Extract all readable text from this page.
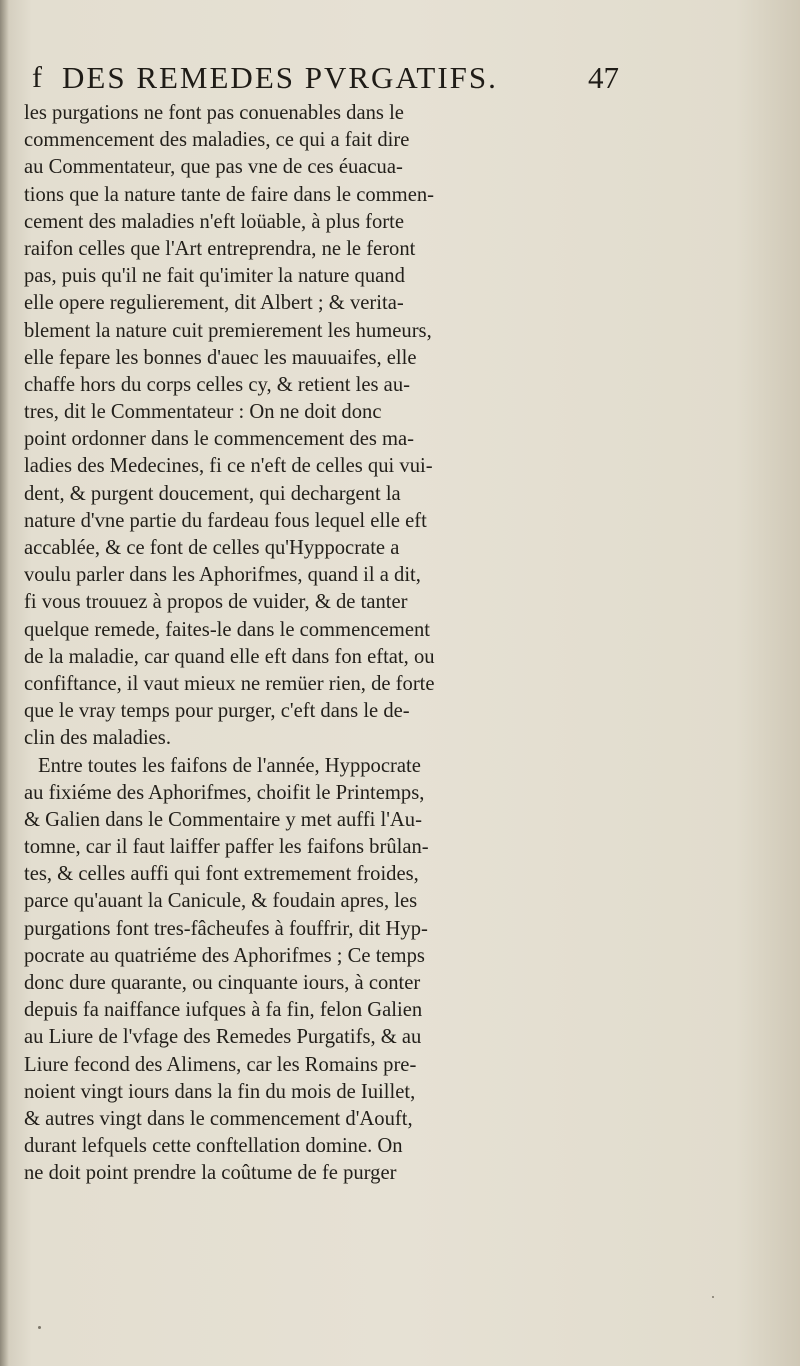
f DES REMEDES PVRGATIFS.	47
les purgations ne font pas conuenables dans le
commencement des maladies, ce qui a fait dire
au Commentateur, que pas vne de ces éuacua-
tions que la nature tante de faire dans le commen-
cement des maladies n'eft loüable, à plus forte
raifon celles que l'Art entreprendra, ne le feront
pas, puis qu'il ne fait qu'imiter la nature quand
elle opere regulierement, dit Albert ; & verita-
blement la nature cuit premierement les humeurs,
elle fepare les bonnes d'auec les mauuaifes, elle
chaffe hors du corps celles cy, & retient les au-
tres, dit le Commentateur : On ne doit donc
point ordonner dans le commencement des ma-
ladies des Medecines, fi ce n'eft de celles qui vui-
dent, & purgent doucement, qui dechargent la
nature d'vne partie du fardeau fous lequel elle eft
accablée, & ce font de celles qu'Hyppocrate a
voulu parler dans les Aphorifmes, quand il a dit,
fi vous trouuez à propos de vuider, & de tanter
quelque remede, faites-le dans le commencement
de la maladie, car quand elle eft dans fon eftat, ou
confiftance, il vaut mieux ne remüer rien, de forte
que le vray temps pour purger, c'eft dans le de-
clin des maladies.
Entre toutes les faifons de l'année, Hyppocrate
au fixiéme des Aphorifmes, choifit le Printemps,
& Galien dans le Commentaire y met auffi l'Au-
tomne, car il faut laiffer paffer les faifons brûlan-
tes, & celles auffi qui font extremement froides,
parce qu'auant la Canicule, & foudain apres, les
purgations font tres-fâcheufes à fouffrir, dit Hyp-
pocrate au quatriéme des Aphorifmes ; Ce temps
donc dure quarante, ou cinquante iours, à conter
depuis fa naiffance iufques à fa fin, felon Galien
au Liure de l'vfage des Remedes Purgatifs, & au
Liure fecond des Alimens, car les Romains pre-
noient vingt iours dans la fin du mois de Iuillet,
& autres vingt dans le commencement d'Aouft,
durant lefquels cette conftellation domine. On
ne doit point prendre la coûtume de fe purger
